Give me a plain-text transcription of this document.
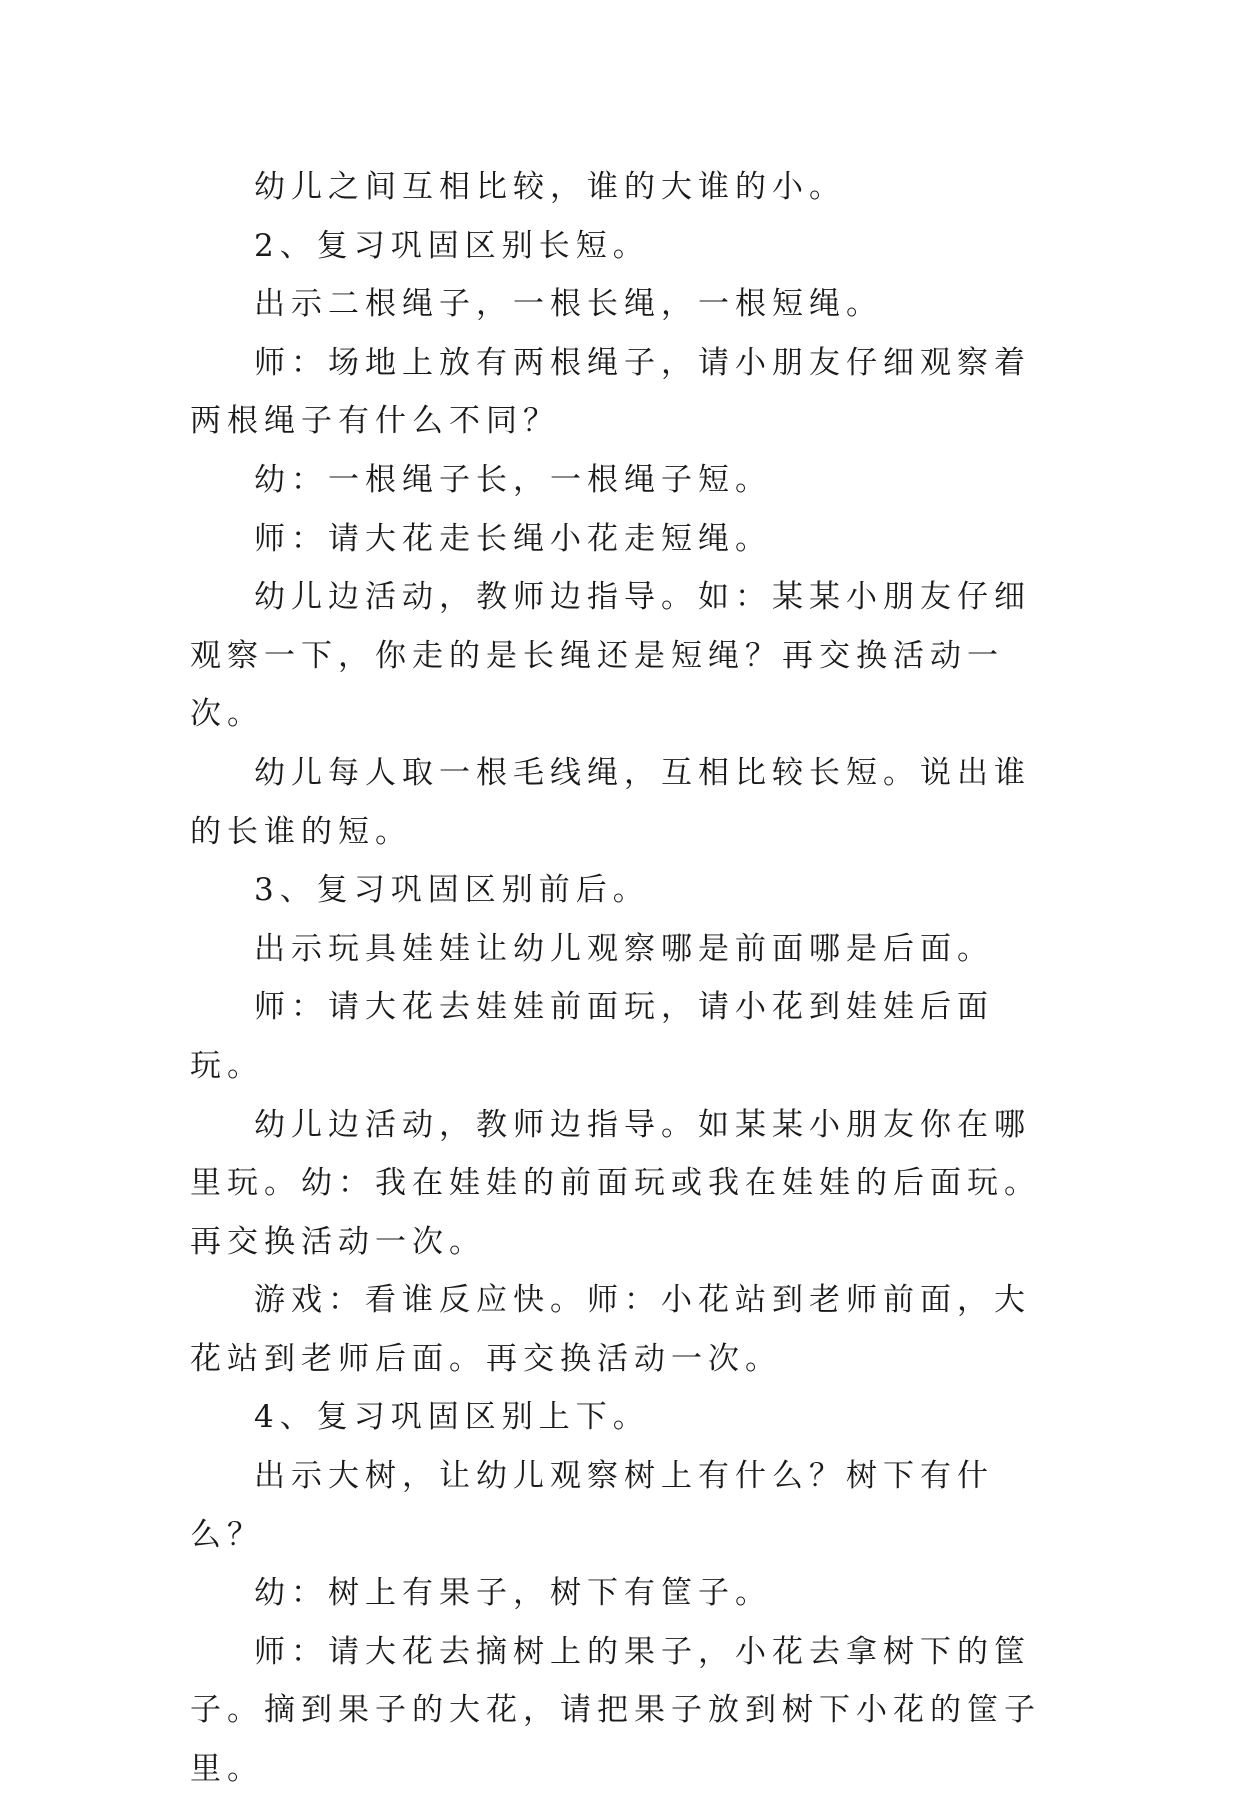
幼儿之间互相比较，谁的大谁的小。

2、复习巩固区别长短。

出示二根绳子，一根长绳，一根短绳。

师：场地上放有两根绳子，请小朋友仔细观察着两根绳子有什么不同？

幼：一根绳子长，一根绳子短。

师：请大花走长绳小花走短绳。

幼儿边活动，教师边指导。如：某某小朋友仔细观察一下，你走的是长绳还是短绳？再交换活动一次。

幼儿每人取一根毛线绳，互相比较长短。说出谁的长谁的短。

3、复习巩固区别前后。

出示玩具娃娃让幼儿观察哪是前面哪是后面。

师：请大花去娃娃前面玩，请小花到娃娃后面玩。

幼儿边活动，教师边指导。如某某小朋友你在哪里玩。幼：我在娃娃的前面玩或我在娃娃的后面玩。再交换活动一次。

游戏：看谁反应快。师：小花站到老师前面，大花站到老师后面。再交换活动一次。

4、复习巩固区别上下。

出示大树，让幼儿观察树上有什么？树下有什么？

幼：树上有果子，树下有筐子。

师：请大花去摘树上的果子，小花去拿树下的筐子。摘到果子的大花，请把果子放到树下小花的筐子里。
